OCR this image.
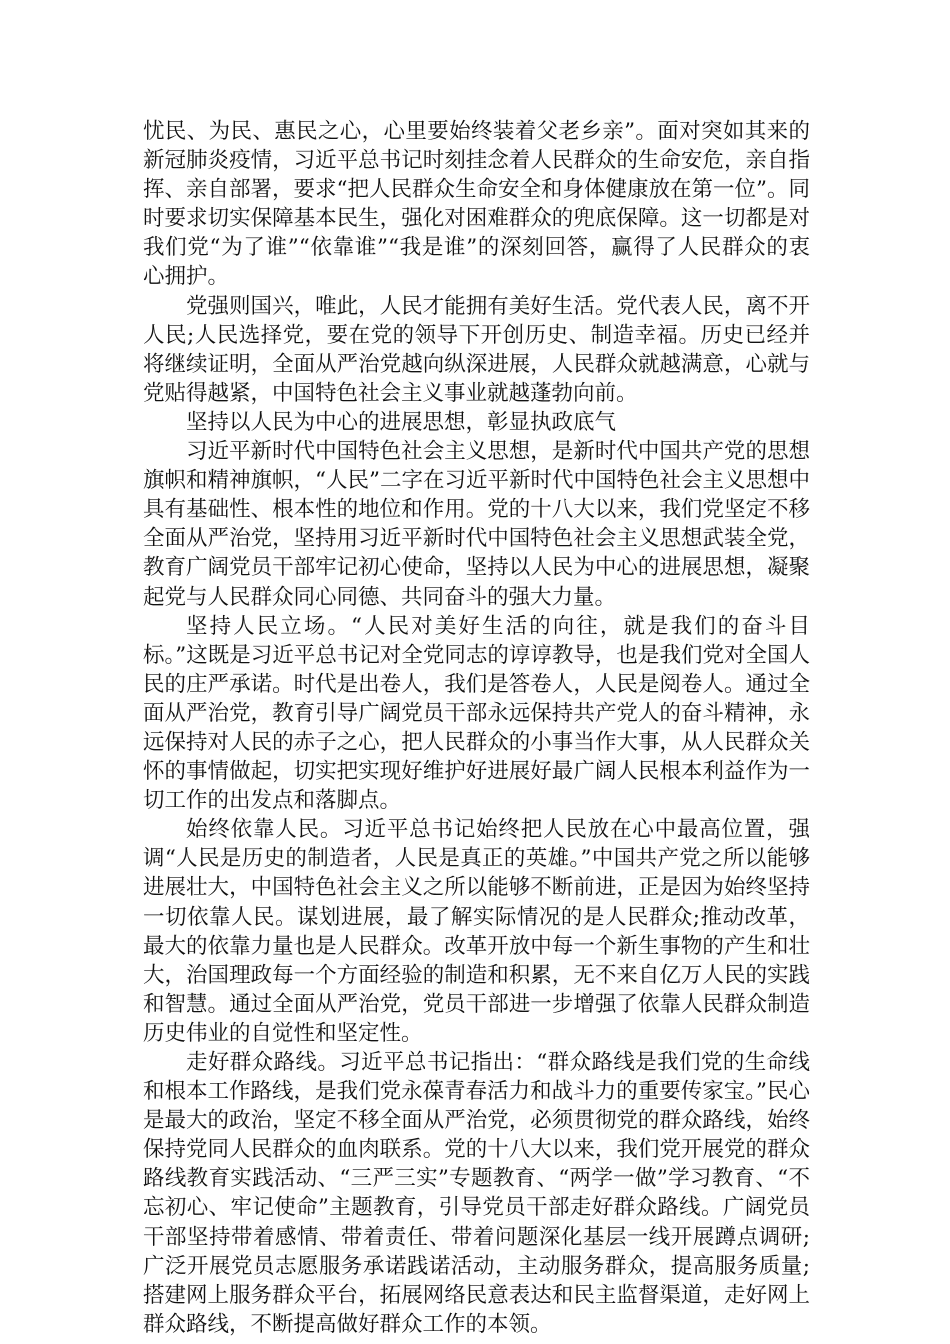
忧民、为民、惠民之心，心里要始终装着父老乡亲”。面对突如其来的新冠肺炎疫情，习近平总书记时刻挂念着人民群众的生命安危，亲自指挥、亲自部署，要求“把人民群众生命安全和身体健康放在第一位”。同时要求切实保障基本民生，强化对困难群众的兜底保障。这一切都是对我们党“为了谁”“依靠谁”“我是谁”的深刻回答，赢得了人民群众的衷心拥护。

党强则国兴，唯此，人民才能拥有美好生活。党代表人民，离不开人民;人民选择党，要在党的领导下开创历史、制造幸福。历史已经并将继续证明，全面从严治党越向纵深进展，人民群众就越满意，心就与党贴得越紧，中国特色社会主义事业就越蓬勃向前。

坚持以人民为中心的进展思想，彰显执政底气

习近平新时代中国特色社会主义思想，是新时代中国共产党的思想旗帜和精神旗帜，“人民”二字在习近平新时代中国特色社会主义思想中具有基础性、根本性的地位和作用。党的十八大以来，我们党坚定不移全面从严治党，坚持用习近平新时代中国特色社会主义思想武装全党，教育广阔党员干部牢记初心使命，坚持以人民为中心的进展思想，凝聚起党与人民群众同心同德、共同奋斗的强大力量。

坚持人民立场。“人民对美好生活的向往，就是我们的奋斗目标。”这既是习近平总书记对全党同志的谆谆教导，也是我们党对全国人民的庄严承诺。时代是出卷人，我们是答卷人，人民是阅卷人。通过全面从严治党，教育引导广阔党员干部永远保持共产党人的奋斗精神，永远保持对人民的赤子之心，把人民群众的小事当作大事，从人民群众关怀的事情做起，切实把实现好维护好进展好最广阔人民根本利益作为一切工作的出发点和落脚点。

始终依靠人民。习近平总书记始终把人民放在心中最高位置，强调“人民是历史的制造者，人民是真正的英雄。”中国共产党之所以能够进展壮大，中国特色社会主义之所以能够不断前进，正是因为始终坚持一切依靠人民。谋划进展，最了解实际情况的是人民群众;推动改革，最大的依靠力量也是人民群众。改革开放中每一个新生事物的产生和壮大，治国理政每一个方面经验的制造和积累，无不来自亿万人民的实践和智慧。通过全面从严治党，党员干部进一步增强了依靠人民群众制造历史伟业的自觉性和坚定性。

走好群众路线。习近平总书记指出：“群众路线是我们党的生命线和根本工作路线，是我们党永葆青春活力和战斗力的重要传家宝。”民心是最大的政治，坚定不移全面从严治党，必须贯彻党的群众路线，始终保持党同人民群众的血肉联系。党的十八大以来，我们党开展党的群众路线教育实践活动、“三严三实”专题教育、“两学一做”学习教育、“不忘初心、牢记使命”主题教育，引导党员干部走好群众路线。广阔党员干部坚持带着感情、带着责任、带着问题深化基层一线开展蹲点调研;广泛开展党员志愿服务承诺践诺活动，主动服务群众，提高服务质量;搭建网上服务群众平台，拓展网络民意表达和民主监督渠道，走好网上群众路线，不断提高做好群众工作的本领。
